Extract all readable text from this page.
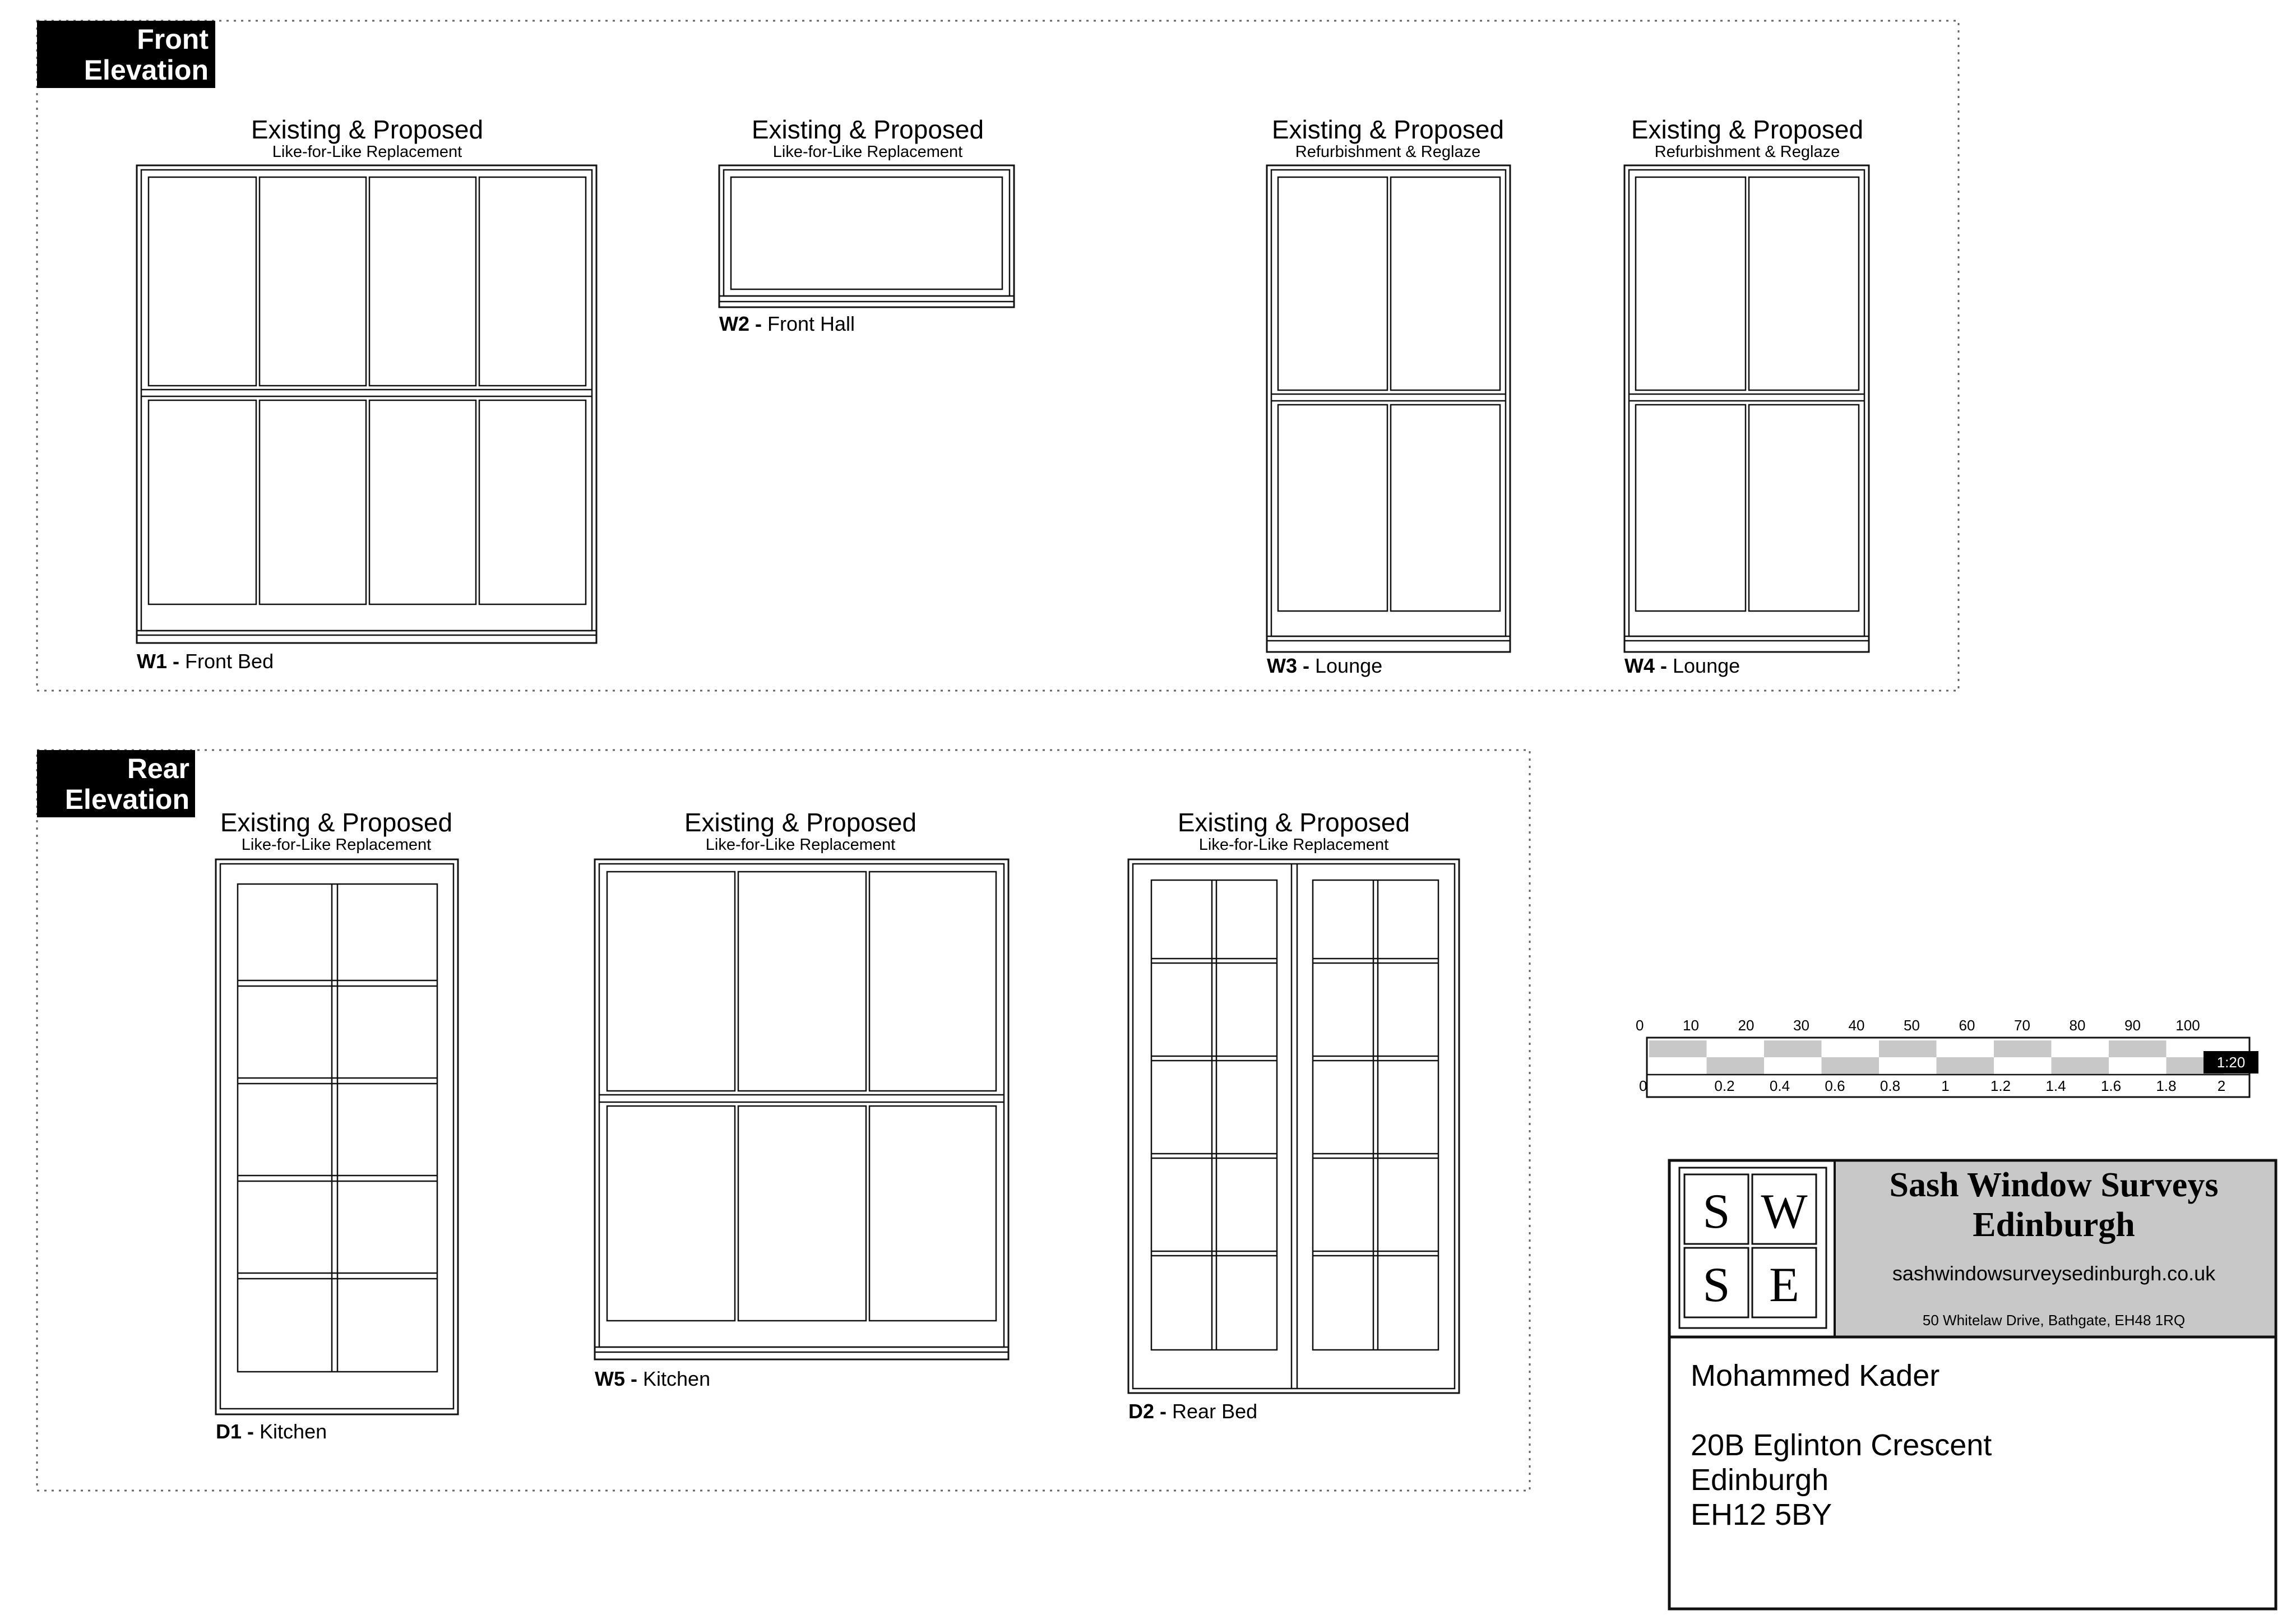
Front
Elevation
Rear
Elevation
Existing & Proposed
Like-for-Like Replacement
W1 - Front Bed
Existing & Proposed
Like-for-Like Replacement
W2 - Front Hall
Existing & Proposed
Refurbishment & Reglaze
W3 - Lounge
Existing & Proposed
Refurbishment & Reglaze
W4 - Lounge
Existing & Proposed
Like-for-Like Replacement
D1 - Kitchen
Existing & Proposed
Like-for-Like Replacement
W5 - Kitchen
Existing & Proposed
Like-for-Like Replacement
D2 - Rear Bed
0	10	20	30	40	50	60	70	80	90 100
0	0.2 0.4 0.6 0.8	1	1.2 1.4 1.6 1.8	2
1:20
S W
S E
Sash Window Surveys
Edinburgh
sashwindowsurveysedinburgh.co.uk
50 Whitelaw Drive, Bathgate, EH48 1RQ
Mohammed Kader
20B Eglinton Crescent
Edinburgh
EH12 5BY
